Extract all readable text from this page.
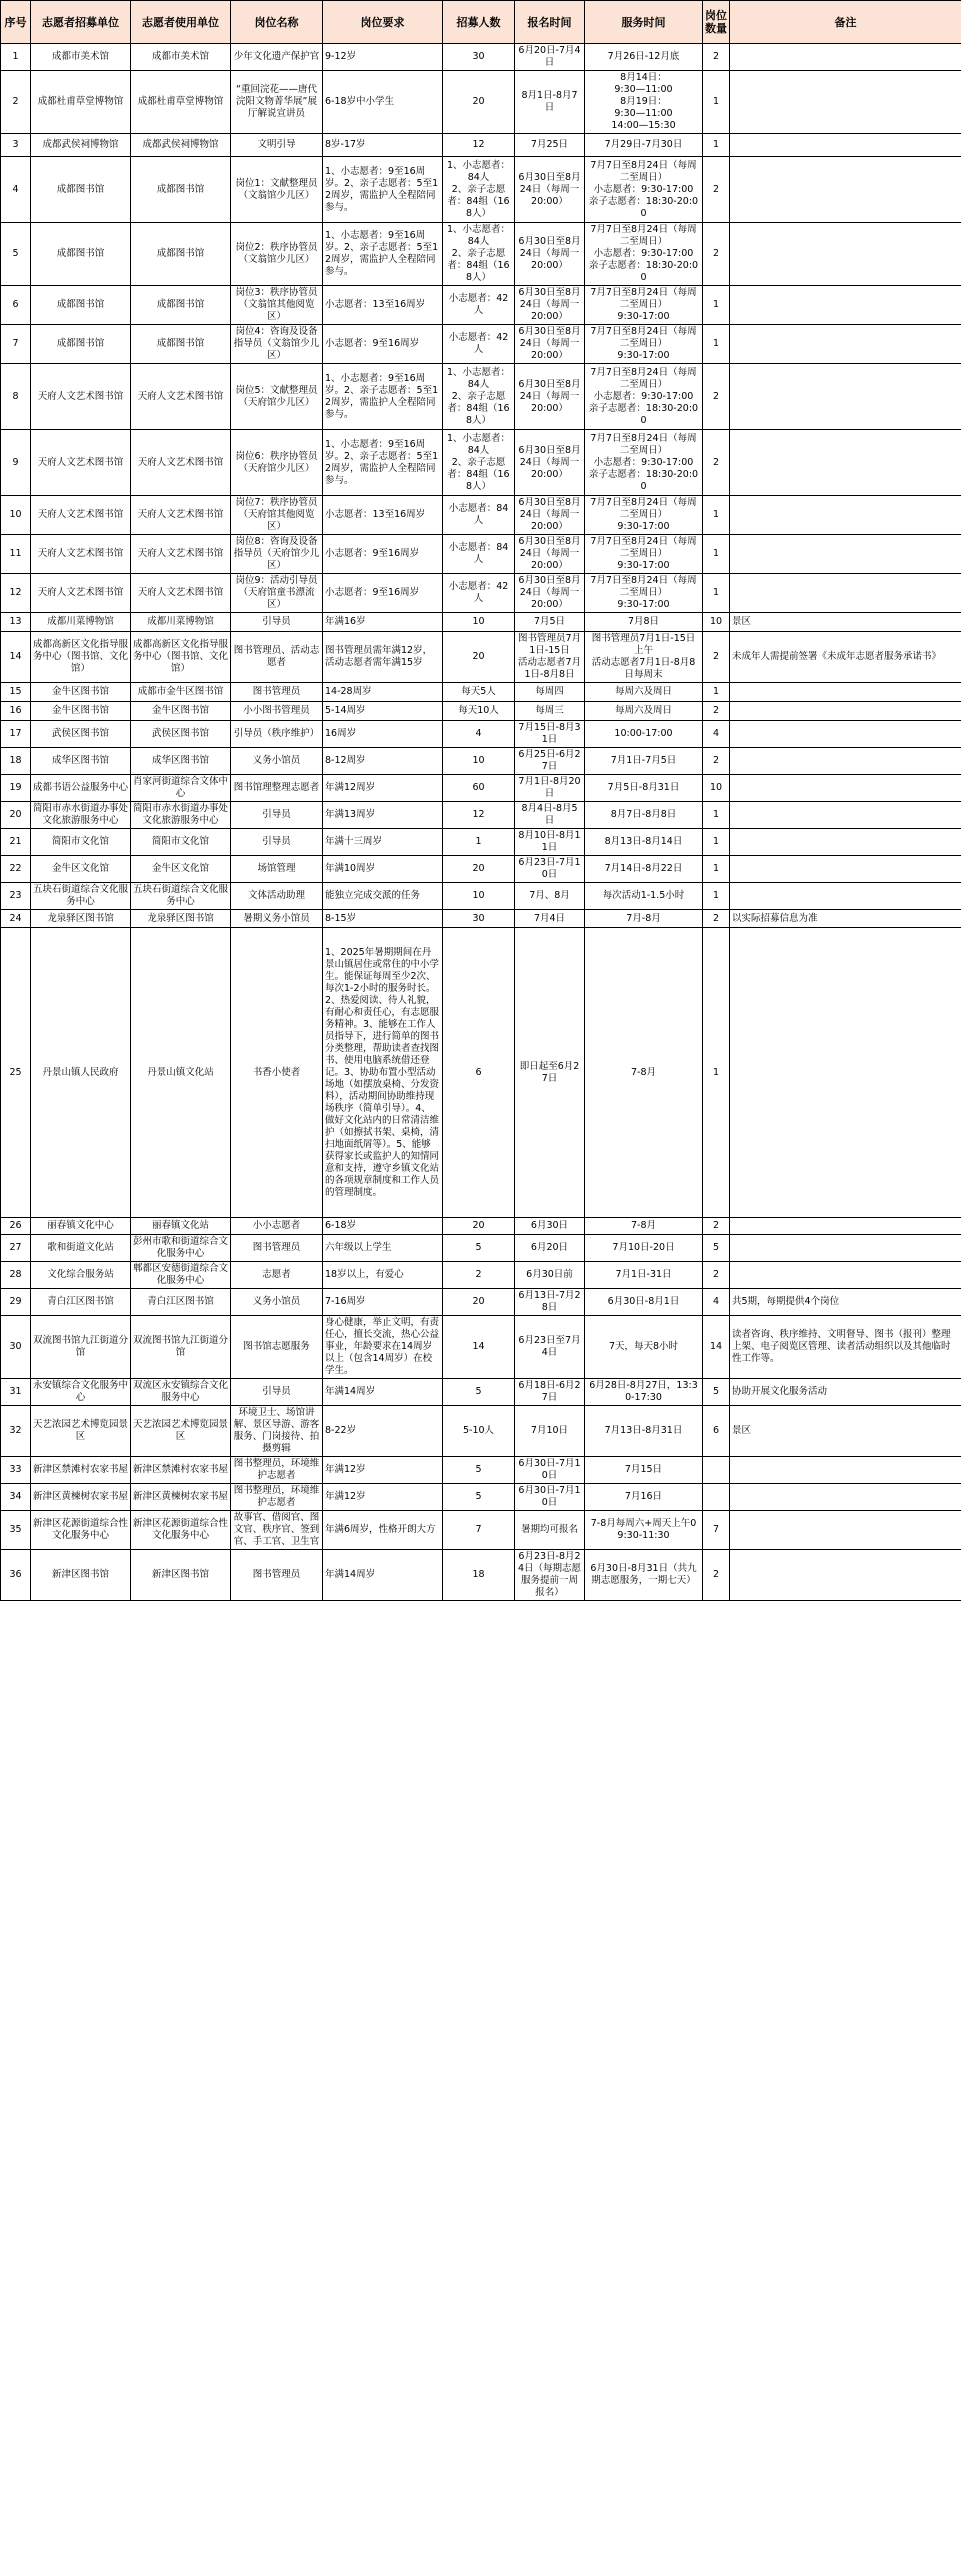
序号	志愿者招募单位	志愿者使用单位	岗位名称	岗位要求	招募人数	报名时间	服务时间	岗位数量	备注
1	成都市美术馆	成都市美术馆	少年文化遗产保护官	9-12岁	30	6月20日-7月4日	7月26日-12月底	2	
2	成都杜甫草堂博物馆	成都杜甫草堂博物馆	“重回浣花——唐代浣阳文物菁华展”展厅解说宣讲员	6-18岁中小学生	20	8月1日-8月7日	8月14日：
9:30—11:00
8月19日：
9:30—11:00
14:00—15:30	1	
3	成都武侯祠博物馆	成都武侯祠博物馆	文明引导	8岁-17岁	12	7月25日	7月29日-7月30日	1	
4	成都图书馆	成都图书馆	岗位1：文献整理员（文翁馆少儿区）	1、小志愿者：9至16周岁。2、亲子志愿者：5至12周岁，需监护人全程陪同参与。	1、小志愿者：84人
2、亲子志愿者：84组（168人）	6月30日至8月24日（每周一20:00）	7月7日至8月24日（每周二至周日）
小志愿者：9:30-17:00
亲子志愿者：18:30-20:00	2	
5	成都图书馆	成都图书馆	岗位2：秩序协管员（文翁馆少儿区）	1、小志愿者：9至16周岁。2、亲子志愿者：5至12周岁，需监护人全程陪同参与。	1、小志愿者：84人
2、亲子志愿者：84组（168人）	6月30日至8月24日（每周一20:00）	7月7日至8月24日（每周二至周日）
小志愿者：9:30-17:00
亲子志愿者：18:30-20:00	2	
6	成都图书馆	成都图书馆	岗位3：秩序协管员（文翁馆其他阅览区）	小志愿者：13至16周岁	小志愿者：42人	6月30日至8月24日（每周一20:00）	7月7日至8月24日（每周二至周日）
9:30-17:00	1	
7	成都图书馆	成都图书馆	岗位4：咨询及设备指导员（文翁馆少儿区）	小志愿者：9至16周岁	小志愿者：42人	6月30日至8月24日（每周一20:00）	7月7日至8月24日（每周二至周日）
9:30-17:00	1	
8	天府人文艺术图书馆	天府人文艺术图书馆	岗位5：文献整理员（天府馆少儿区）	1、小志愿者：9至16周岁。2、亲子志愿者：5至12周岁，需监护人全程陪同参与。	1、小志愿者：84人
2、亲子志愿者：84组（168人）	6月30日至8月24日（每周一20:00）	7月7日至8月24日（每周二至周日）
小志愿者：9:30-17:00
亲子志愿者：18:30-20:00	2	
9	天府人文艺术图书馆	天府人文艺术图书馆	岗位6：秩序协管员（天府馆少儿区）	1、小志愿者：9至16周岁。2、亲子志愿者：5至12周岁，需监护人全程陪同参与。	1、小志愿者：84人
2、亲子志愿者：84组（168人）	6月30日至8月24日（每周一20:00）	7月7日至8月24日（每周二至周日）
小志愿者：9:30-17:00
亲子志愿者：18:30-20:00	2	
10	天府人文艺术图书馆	天府人文艺术图书馆	岗位7：秩序协管员（天府馆其他阅览区）	小志愿者：13至16周岁	小志愿者：84人	6月30日至8月24日（每周一20:00）	7月7日至8月24日（每周二至周日）
9:30-17:00	1	
11	天府人文艺术图书馆	天府人文艺术图书馆	岗位8：咨询及设备指导员（天府馆少儿区）	小志愿者：9至16周岁	小志愿者：84人	6月30日至8月24日（每周一20:00）	7月7日至8月24日（每周二至周日）
9:30-17:00	1	
12	天府人文艺术图书馆	天府人文艺术图书馆	岗位9：活动引导员（天府馆童书漂流区）	小志愿者：9至16周岁	小志愿者：42人	6月30日至8月24日（每周一20:00）	7月7日至8月24日（每周二至周日）
9:30-17:00	1	
13	成都川菜博物馆	成都川菜博物馆	引导员	年满16岁	10	7月5日	7月8日	10	景区
14	成都高新区文化指导服务中心（图书馆、文化馆）	成都高新区文化指导服务中心（图书馆、文化馆）	图书管理员、活动志愿者	图书管理员需年满12岁，活动志愿者需年满15岁	20	图书管理员7月1日-15日
活动志愿者7月1日-8月8日	图书管理员7月1日-15日上午
活动志愿者7月1日-8月8日每周末	2	未成年人需提前签署《未成年志愿者服务承诺书》
15	金牛区图书馆	成都市金牛区图书馆	图书管理员	14-28周岁	每天5人	每周四	每周六及周日	1	
16	金牛区图书馆	金牛区图书馆	小小图书管理员	5-14周岁	每天10人	每周三	每周六及周日	2	
17	武侯区图书馆	武侯区图书馆	引导员（秩序维护）	16周岁	4	7月15日-8月31日	10:00-17:00	4	
18	成华区图书馆	成华区图书馆	义务小馆员	8-12周岁	10	6月25日-6月27日	7月1日-7月5日	2	
19	成都书语公益服务中心	肖家河街道综合文体中心	图书馆理整理志愿者	年满12周岁	60	7月1日-8月20日	7月5日-8月31日	10	
20	简阳市赤水街道办事处文化旅游服务中心	简阳市赤水街道办事处文化旅游服务中心	引导员	年满13周岁	12	8月4日-8月5日	8月7日-8月8日	1	
21	简阳市文化馆	简阳市文化馆	引导员	年满十三周岁	1	8月10日-8月11日	8月13日-8月14日	1	
22	金牛区文化馆	金牛区文化馆	场馆管理	年满10周岁	20	6月23日-7月10日	7月14日-8月22日	1	
23	五块石街道综合文化服务中心	五块石街道综合文化服务中心	文体活动助理	能独立完成交派的任务	10	7月、8月	每次活动1-1.5小时	1	
24	龙泉驿区图书馆	龙泉驿区图书馆	暑期义务小馆员	8-15岁	30	7月4日	7月-8月	2	以实际招募信息为准
25	丹景山镇人民政府	丹景山镇文化站	书香小使者	1、2025年暑期期间在丹景山镇居住或常住的中小学生。能保证每周至少2次、每次1-2小时的服务时长。2、热爱阅读、待人礼貌，有耐心和责任心，有志愿服务精神。3、能够在工作人员指导下，进行简单的图书分类整理，帮助读者查找图书、使用电脑系统借还登记。3、协助布置小型活动场地（如摆放桌椅、分发资料），活动期间协助维持现场秩序（简单引导）。4、做好文化站内的日常清洁维护（如擦拭书架、桌椅，清扫地面纸屑等）。5、能够获得家长或监护人的知情同意和支持，遵守乡镇文化站的各项规章制度和工作人员的管理制度。	6	即日起至6月27日	7-8月	1	
26	丽春镇文化中心	丽春镇文化站	小小志愿者	6-18岁	20	6月30日	7-8月	2	
27	歌和街道文化站	彭州市歌和街道综合文化服务中心	图书管理员	六年级以上学生	5	6月20日	7月10日-20日	5	
28	文化综合服务站	郫都区安德街道综合文化服务中心	志愿者	18岁以上，有爱心	2	6月30日前	7月1日-31日	2	
29	青白江区图书馆	青白江区图书馆	义务小馆员	7-16周岁	20	6月13日-7月28日	6月30日-8月1日	4	共5期，每期提供4个岗位
30	双流图书馆九江街道分馆	双流图书馆九江街道分馆	图书馆志愿服务	身心健康，举止文明，有责任心，擅长交流，热心公益事业，年龄要求在14周岁以上（包含14周岁）在校学生。	14	6月23日至7月4日	7天，每天8小时	14	读者咨询、秩序维持、文明督导、图书（报刊）整理上架、电子阅览区管理、读者活动组织以及其他临时性工作等。
31	永安镇综合文化服务中心	双流区永安镇综合文化服务中心	引导员	年满14周岁	5	6月18日-6月27日	6月28日-8月27日，13:30-17:30	5	协助开展文化服务活动
32	天艺浓园艺术博览园景区	天艺浓园艺术博览园景区	环境卫士、场馆讲解、景区导游、游客服务、门岗接待、拍摄剪辑	8-22岁	5-10人	7月10日	7月13日-8月31日	6	景区
33	新津区禁滩村农家书屋	新津区禁滩村农家书屋	图书整理员，环境维护志愿者	年满12岁	5	6月30日-7月10日	7月15日		
34	新津区黄楝树农家书屋	新津区黄楝树农家书屋	图书整理员，环境维护志愿者	年满12岁	5	6月30日-7月10日	7月16日		
35	新津区花源街道综合性文化服务中心	新津区花源街道综合性文化服务中心	故事官、借阅官、图文官、秩序官、签到官、手工官、卫生官	年满6周岁，性格开朗大方	7	暑期均可报名	7-8月每周六+周天上午09:30-11:30	7	
36	新津区图书馆	新津区图书馆	图书管理员	年满14周岁	18	6月23日-8月24日（每期志愿服务提前一周报名）	6月30日-8月31日（共九期志愿服务，一期七天）	2	
